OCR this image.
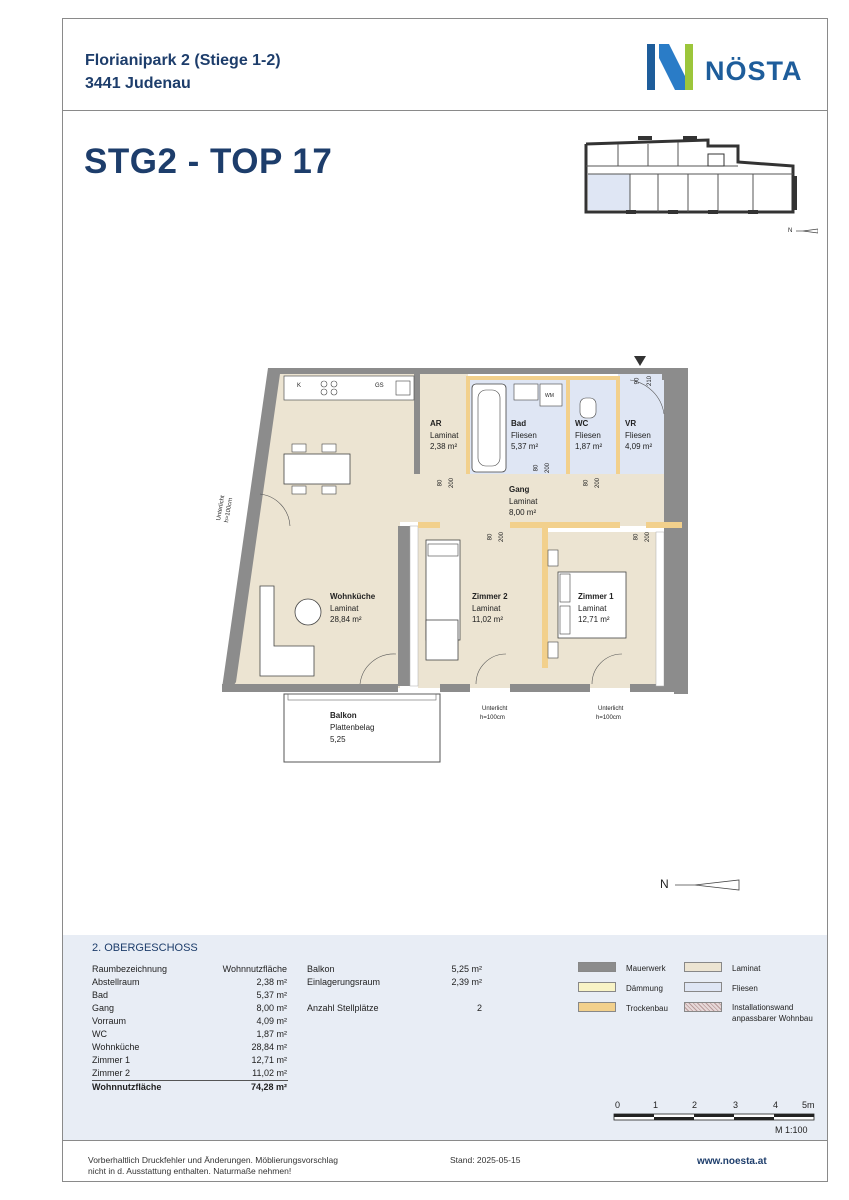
Florianipark 2 (Stiege 1-2)
3441 Judenau	NÖSTA
STG2 - TOP 17
N
AR
Laminat
2,38 m²
Bad
Fliesen
5,37 m²
WM
WC
Fliesen
1,87 m²
VR
Fliesen
4,09 m²
Gang
Laminat
8,00 m²
Wohnküche
Laminat
28,84 m²
Zimmer 2
Laminat
11,02 m²
Zimmer 1
Laminat
12,71 m²
Balkon
Plattenbelag
5,25
K	GS
90 210
80 200
80 200
80 200
80 200	80 200
Unterlicht
h=100cm
Unterlicht
h=100cm
Unterlicht
h=100cm
N
2. OBERGESCHOSS
Raumbezeichnung	Wohnnutzfläche
Abstellraum	2,38 m²
Bad	5,37 m²
Gang	8,00 m²
Vorraum	4,09 m²
WC	1,87 m²
Wohnküche	28,84 m²
Zimmer 1	12,71 m²
Zimmer 2	11,02 m²
Wohnnutzfläche	74,28 m²
Balkon	5,25 m²
Einlagerungsraum	2,39 m²
Anzahl Stellplätze	2
Mauerwerk
Dämmung
Trockenbau
Laminat
Fliesen
Installationswand
anpassbarer Wohnbau
0	1	2	3	4	5m
M 1:100
Vorberhaltlich Druckfehler und Änderungen. Möblierungsvorschlag
nicht in d. Ausstattung enthalten. Naturmaße nehmen!
Stand: 2025-05-15	www.noesta.at
